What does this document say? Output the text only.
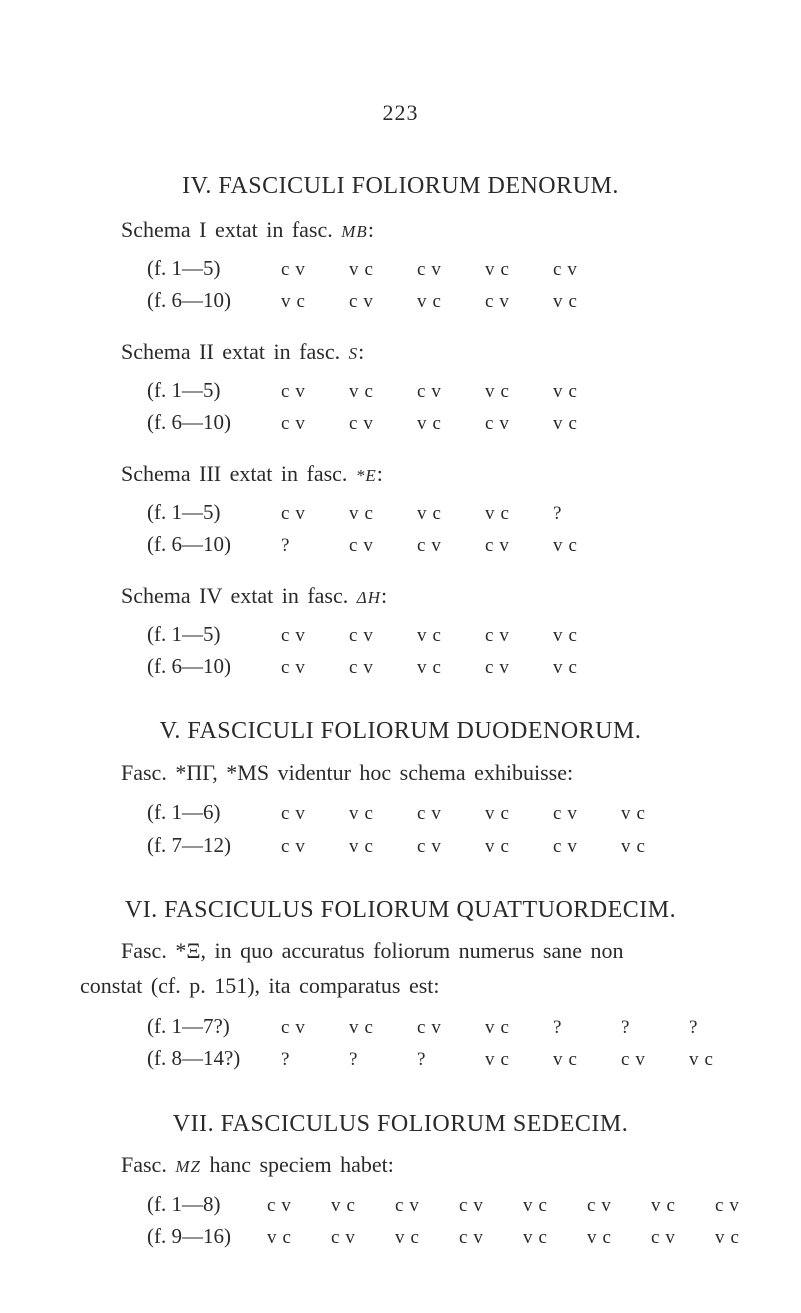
223
IV. FASCICULI FOLIORUM DENORUM.
Schema I extat in fasc. MB:
(f. 1—5)	cv vc cv vc cv
(f. 6—10)	vc cv vc cv vc
Schema II extat in fasc. S:
(f. 1—5)	cv vc cv vc vc
(f. 6—10)	cv cv vc cv vc
Schema III extat in fasc. *E:
(f. 1—5)	cv vc vc vc ?
(f. 6—10)	?	cv cv cv vc
Schema IV extat in fasc. ΔH:
(f. 1—5)	cv cv vc cv vc
(f. 6—10)	cv cv vc cv vc
V. FASCICULI FOLIORUM DUODENORUM.
Fasc. *ΠΓ, *MS videntur hoc schema exhibuisse:
(f. 1—6)	cv vc cv vc cv vc
(f. 7—12)	cv vc cv vc cv vc
VI. FASCICULUS FOLIORUM QUATTUORDECIM.
Fasc. *Ξ, in quo accuratus foliorum numerus sane non
constat (cf. p. 151), ita comparatus est:
(f. 1—7?)	cv vc cv vc ?	?	?
(f. 8—14?) ?	?	?	vc vc cv vc
VII. FASCICULUS FOLIORUM SEDECIM.
Fasc. MZ hanc speciem habet:
(f. 1—8) cv vc cv cv vc cv vc cv
(f. 9—16) vc cv vc cv vc vc cv vc
